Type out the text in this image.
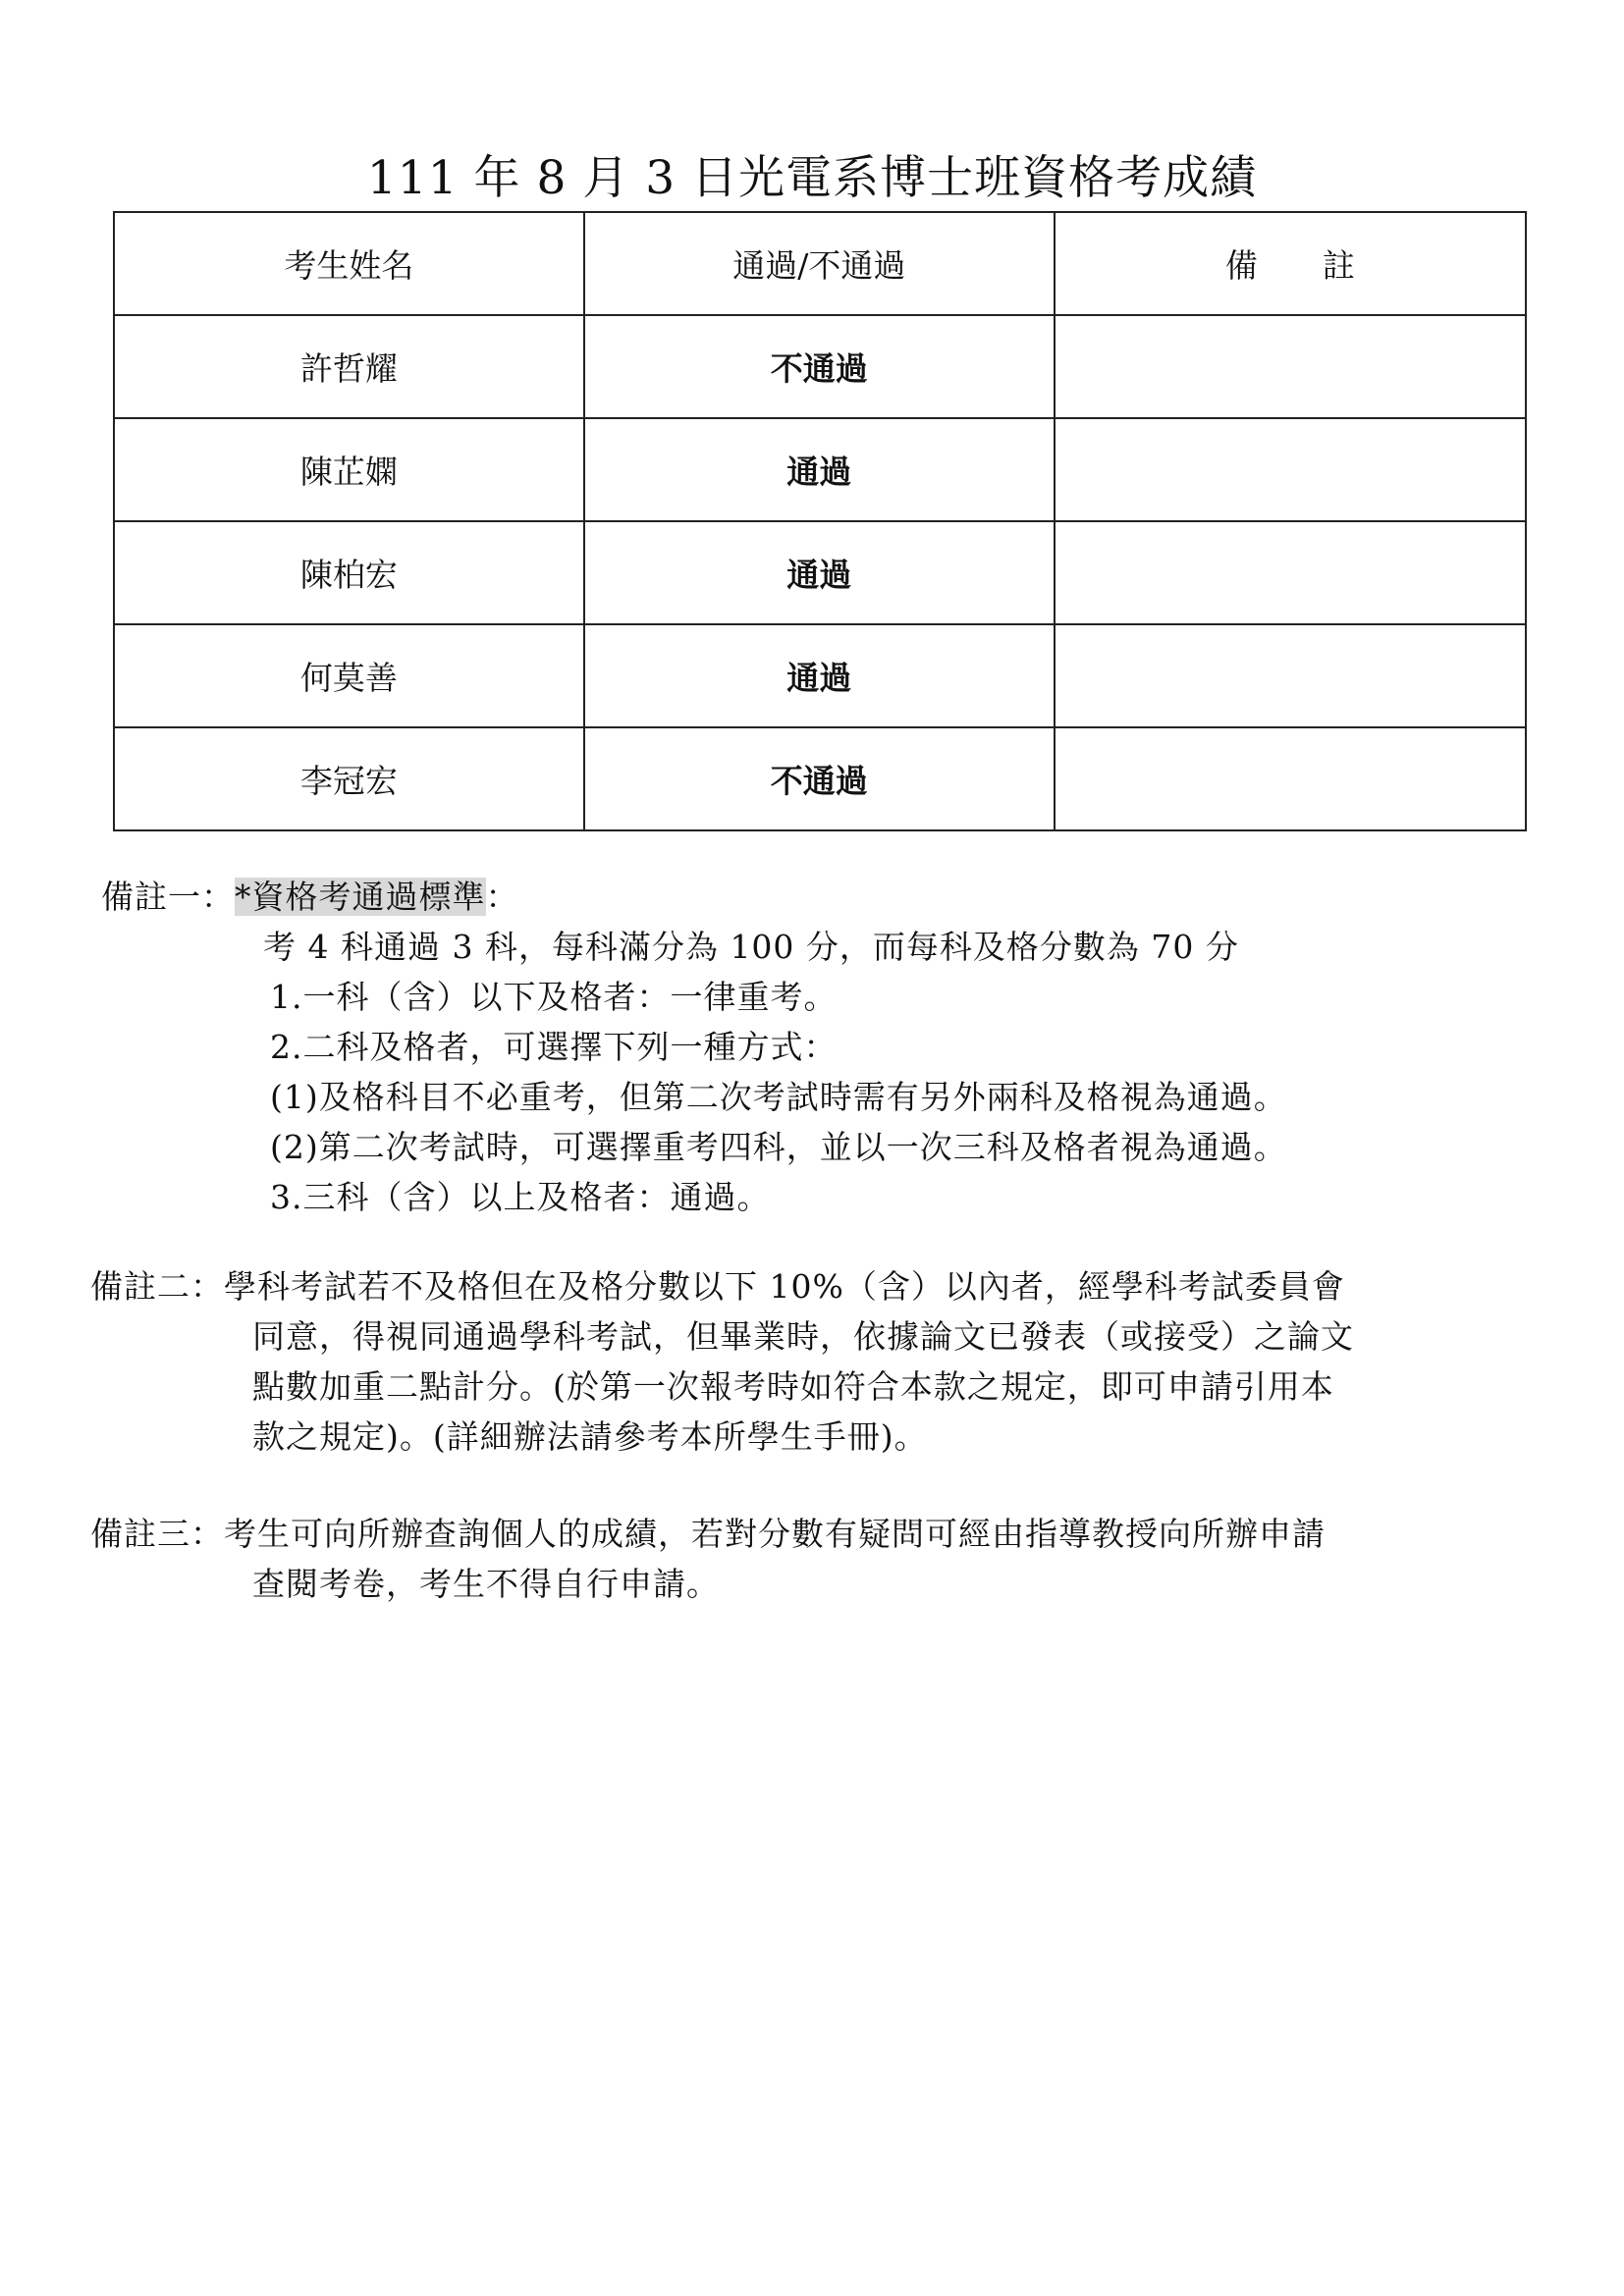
111 年 8 月 3 日光電系博士班資格考成績
考生姓名	通過/不通過	備　　註
許哲耀	不通過	
陳芷嫻	通過	
陳柏宏	通過	
何莫善	通過	
李冠宏	不通過	

備註一：*資格考通過標準：

考 4 科通過 3 科，每科滿分為 100 分，而每科及格分數為 70 分

1.一科（含）以下及格者：一律重考。

2.二科及格者，可選擇下列一種方式：

(1)及格科目不必重考，但第二次考試時需有另外兩科及格視為通過。

(2)第二次考試時，可選擇重考四科，並以一次三科及格者視為通過。

3.三科（含）以上及格者：通過。

備註二：學科考試若不及格但在及格分數以下 10%（含）以內者，經學科考試委員會

同意，得視同通過學科考試，但畢業時，依據論文已發表（或接受）之論文

點數加重二點計分。(於第一次報考時如符合本款之規定，即可申請引用本

款之規定)。(詳細辦法請參考本所學生手冊)。

備註三：考生可向所辦查詢個人的成績，若對分數有疑問可經由指導教授向所辦申請

查閱考卷，考生不得自行申請。
